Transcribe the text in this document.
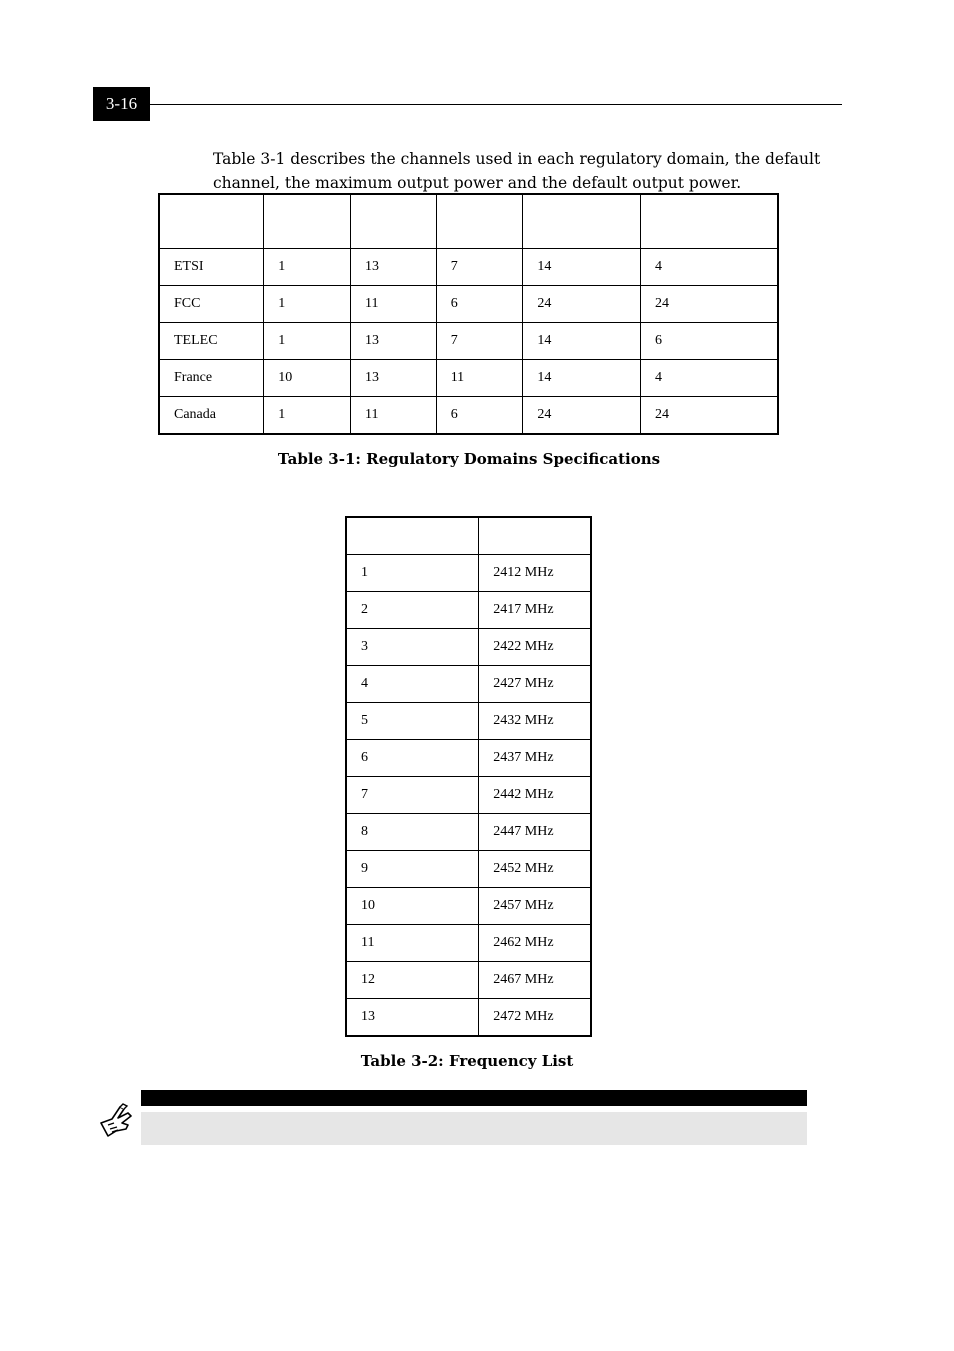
3-16

Table 3-1 describes the channels used in each regulatory domain, the default channel, the maximum output power and the default output power.

ETSI	1	13	7	14	4
FCC	1	11	6	24	24
TELEC	1	13	7	14	6
France	10	13	11	14	4
Canada	1	11	6	24	24
Table 3-1: Regulatory Domains Specifications

1	2412 MHz
2	2417 MHz
3	2422 MHz
4	2427 MHz
5	2432 MHz
6	2437 MHz
7	2442 MHz
8	2447 MHz
9	2452 MHz
10	2457 MHz
11	2462 MHz
12	2467 MHz
13	2472 MHz
Table 3-2: Frequency List
